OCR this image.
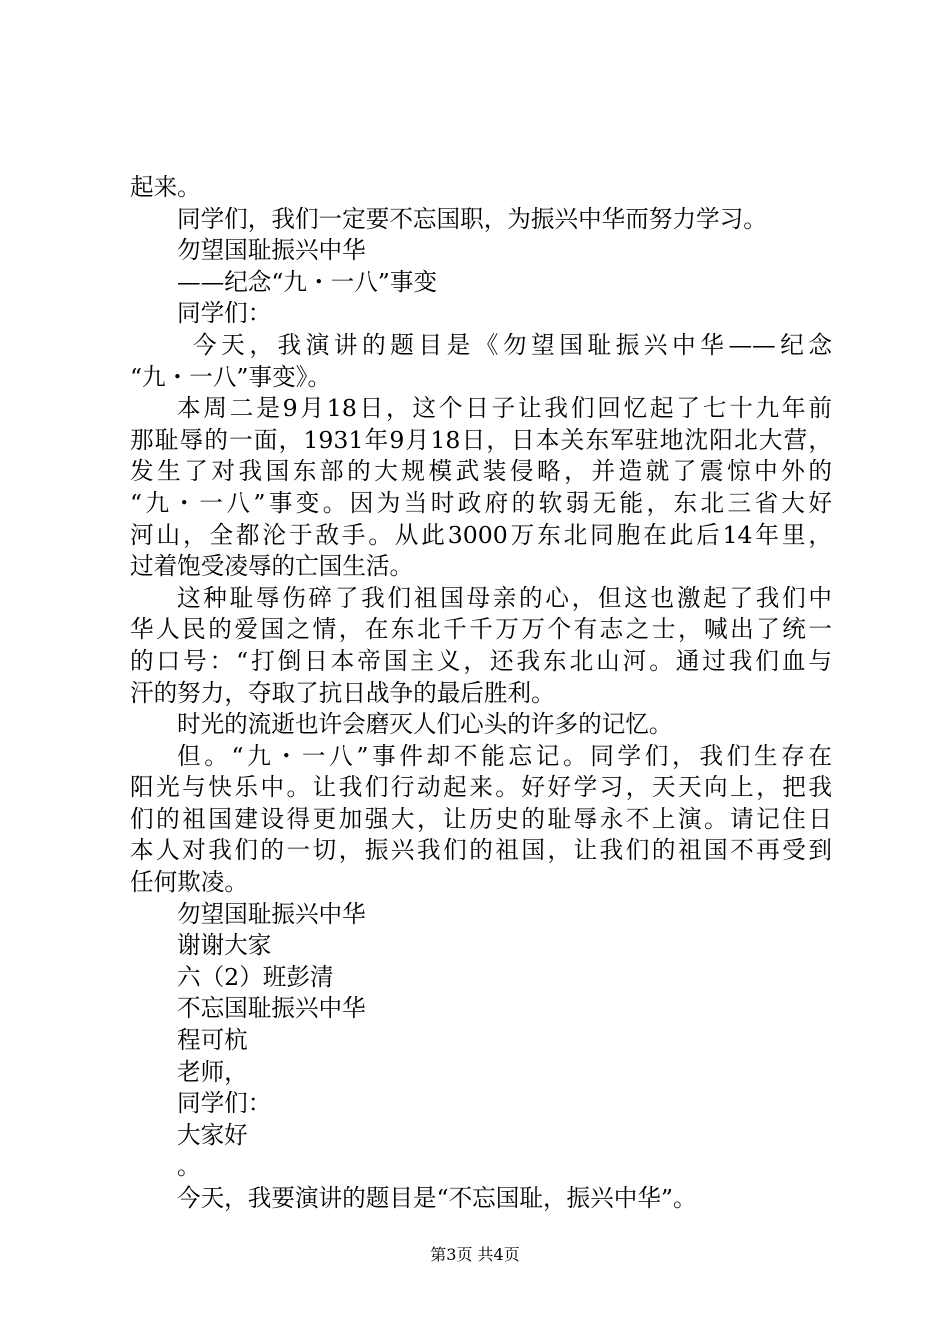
起来。
同学们，我们一定要不忘国职，为振兴中华而努力学习。
勿望国耻振兴中华
——纪念“九・一八”事变
同学们：
今天，我演讲的题目是《勿望国耻振兴中华——纪念
“九・一八”事变》。
本周二是9月18日，这个日子让我们回忆起了七十九年前
那耻辱的一面，1931年9月18日，日本关东军驻地沈阳北大营，
发生了对我国东部的大规模武装侵略，并造就了震惊中外的
“九・一八”事变。因为当时政府的软弱无能，东北三省大好
河山，全都沦于敌手。从此3000万东北同胞在此后14年里，
过着饱受凌辱的亡国生活。
这种耻辱伤碎了我们祖国母亲的心，但这也激起了我们中
华人民的爱国之情，在东北千千万万个有志之士，喊出了统一
的口号：“打倒日本帝国主义，还我东北山河。通过我们血与
汗的努力，夺取了抗日战争的最后胜利。
时光的流逝也许会磨灭人们心头的许多的记忆。
但。“九・一八”事件却不能忘记。同学们，我们生存在
阳光与快乐中。让我们行动起来。好好学习，天天向上，把我
们的祖国建设得更加强大，让历史的耻辱永不上演。请记住日
本人对我们的一切，振兴我们的祖国，让我们的祖国不再受到
任何欺凌。
勿望国耻振兴中华
谢谢大家
六（2）班彭清
不忘国耻振兴中华
程可杭
老师，
同学们：
大家好
。
今天，我要演讲的题目是“不忘国耻，振兴中华”。
第3页 共4页
